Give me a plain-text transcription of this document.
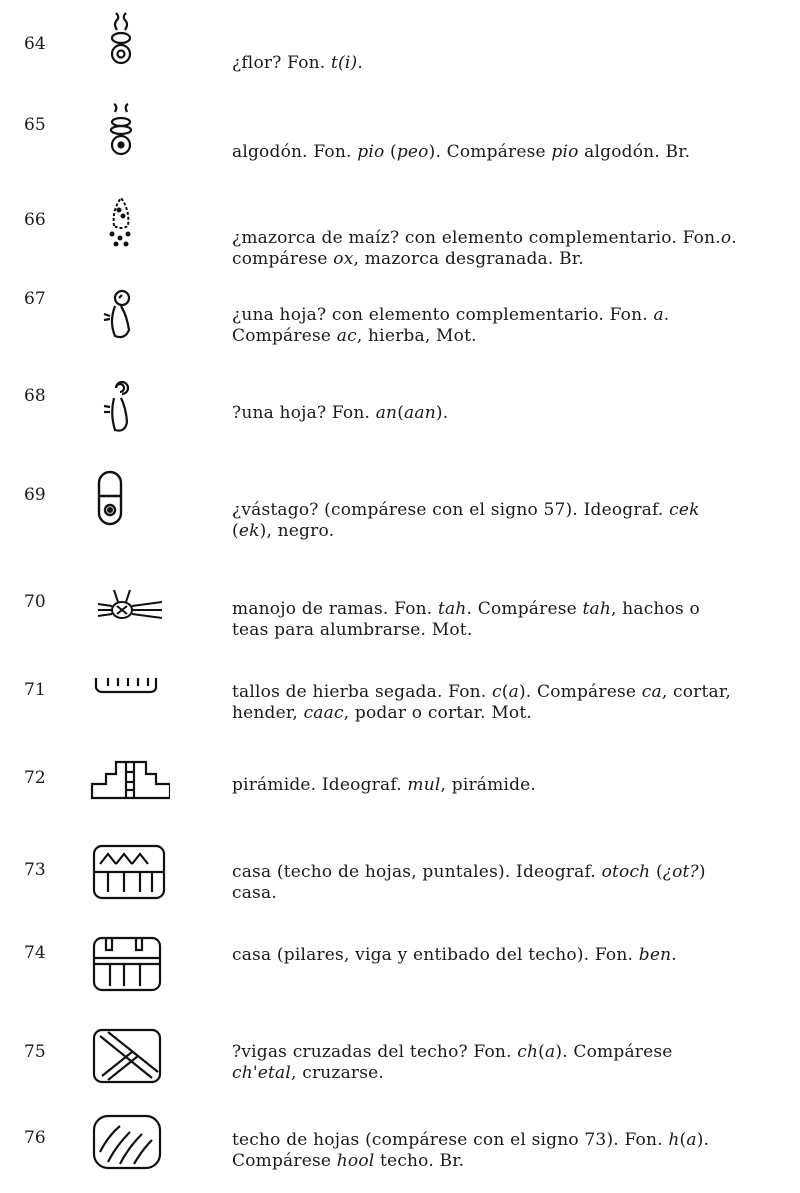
64
¿flor? Fon. t(i).
65
algodón. Fon. pio (peo). Compárese pio algodón. Br.
66
¿mazorca de maíz? con elemento complementario. Fon.o.
compárese ox, mazorca desgranada. Br.
67
¿una hoja? con elemento complementario. Fon. a.
Compárese ac, hierba, Mot.
68
?una hoja? Fon. an(aan).
69
¿vástago? (compárese con el signo 57). Ideograf. cek
(ek), negro.
70	manojo de ramas. Fon. tah. Compárese tah, hachos o
teas para alumbrarse. Mot.
71	tallos de hierba segada. Fon. c(a). Compárese ca, cortar,
hender, caac, podar o cortar. Mot.
72	pirámide. Ideograf. mul, pirámide.
73	casa (techo de hojas, puntales). Ideograf. otoch (¿ot?)
casa.
74	casa (pilares, viga y entibado del techo). Fon. ben.
75	?vigas cruzadas del techo? Fon. ch(a). Compárese
ch'etal, cruzarse.
76	techo de hojas (compárese con el signo 73). Fon. h(a).
Compárese hool techo. Br.
